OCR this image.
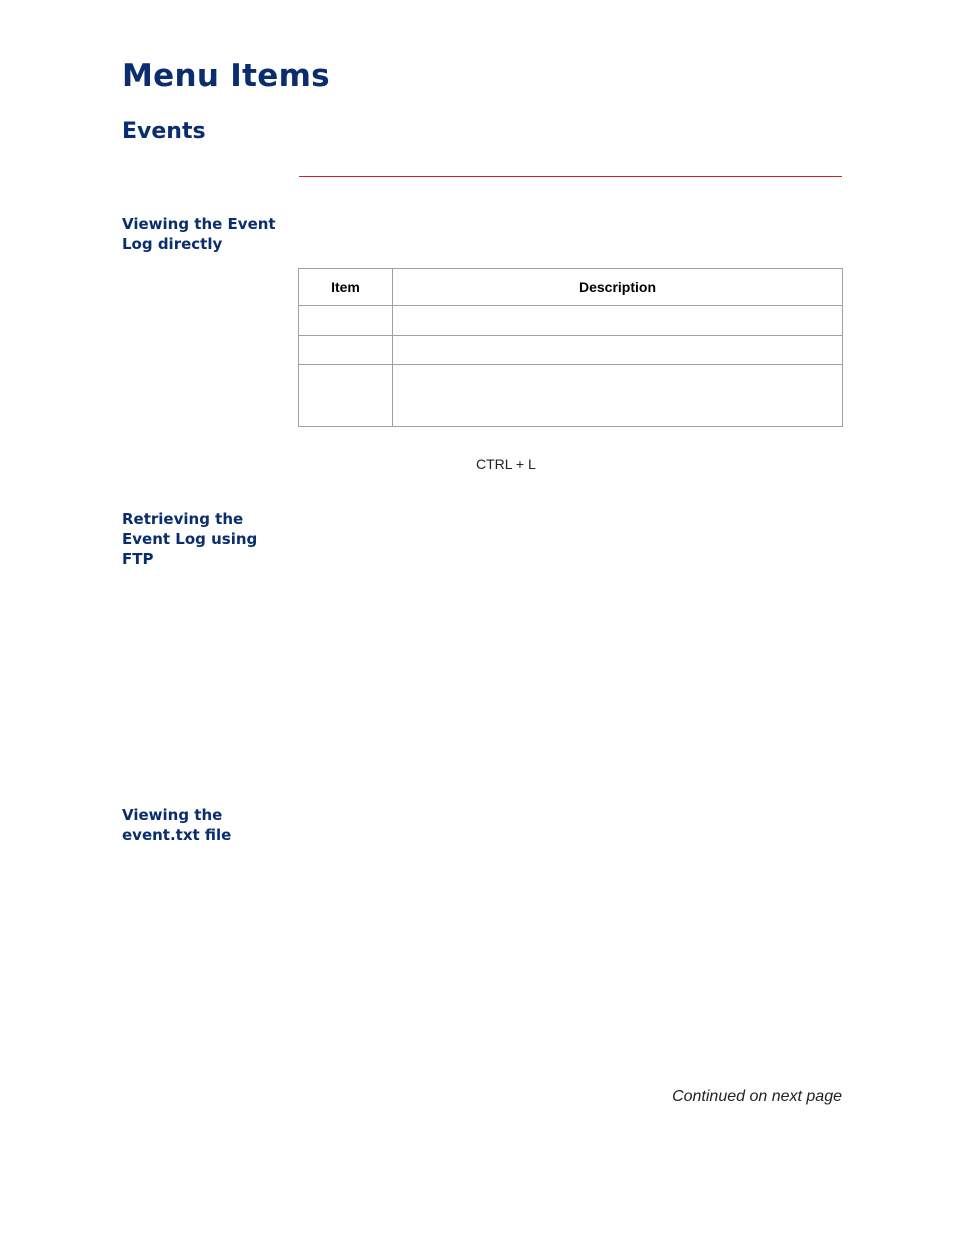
Menu Items
Events
Viewing the Event
Log directly
Item	Description

CTRL + L
Retrieving the
Event Log using
FTP
Viewing the
event.txt file
Continued on next page
